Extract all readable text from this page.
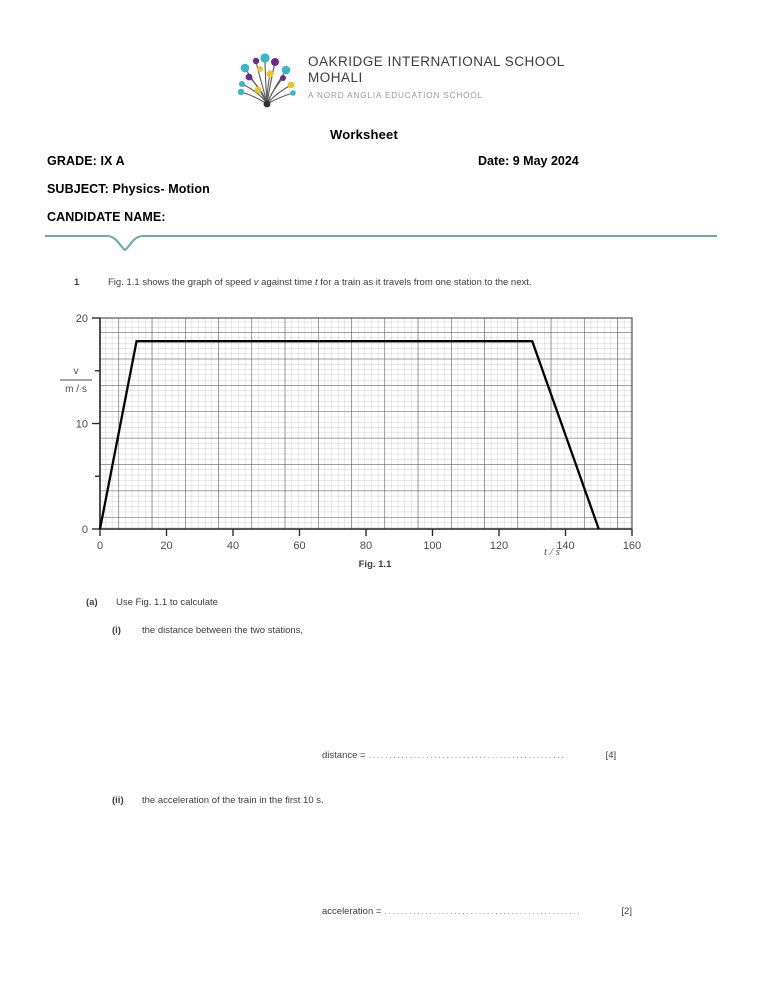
OAKRIDGE INTERNATIONAL SCHOOL
MOHALI
A NORD ANGLIA EDUCATION SCHOOL
Worksheet
GRADE: IX A	Date: 9 May 2024
SUBJECT: Physics- Motion
CANDIDATE NAME:
1	Fig. 1.1 shows the graph of speed v against time t for a train as it travels from one station to the next.
20
10
0
v
m / s
0	20	40	60	80	100	120	140	160
t / s
Fig. 1.1
(a) Use Fig. 1.1 to calculate
(i) the distance between the two stations,
distance = ................................................	[4]
(ii) the acceleration of the train in the first 10 s.
acceleration = ................................................	[2]
